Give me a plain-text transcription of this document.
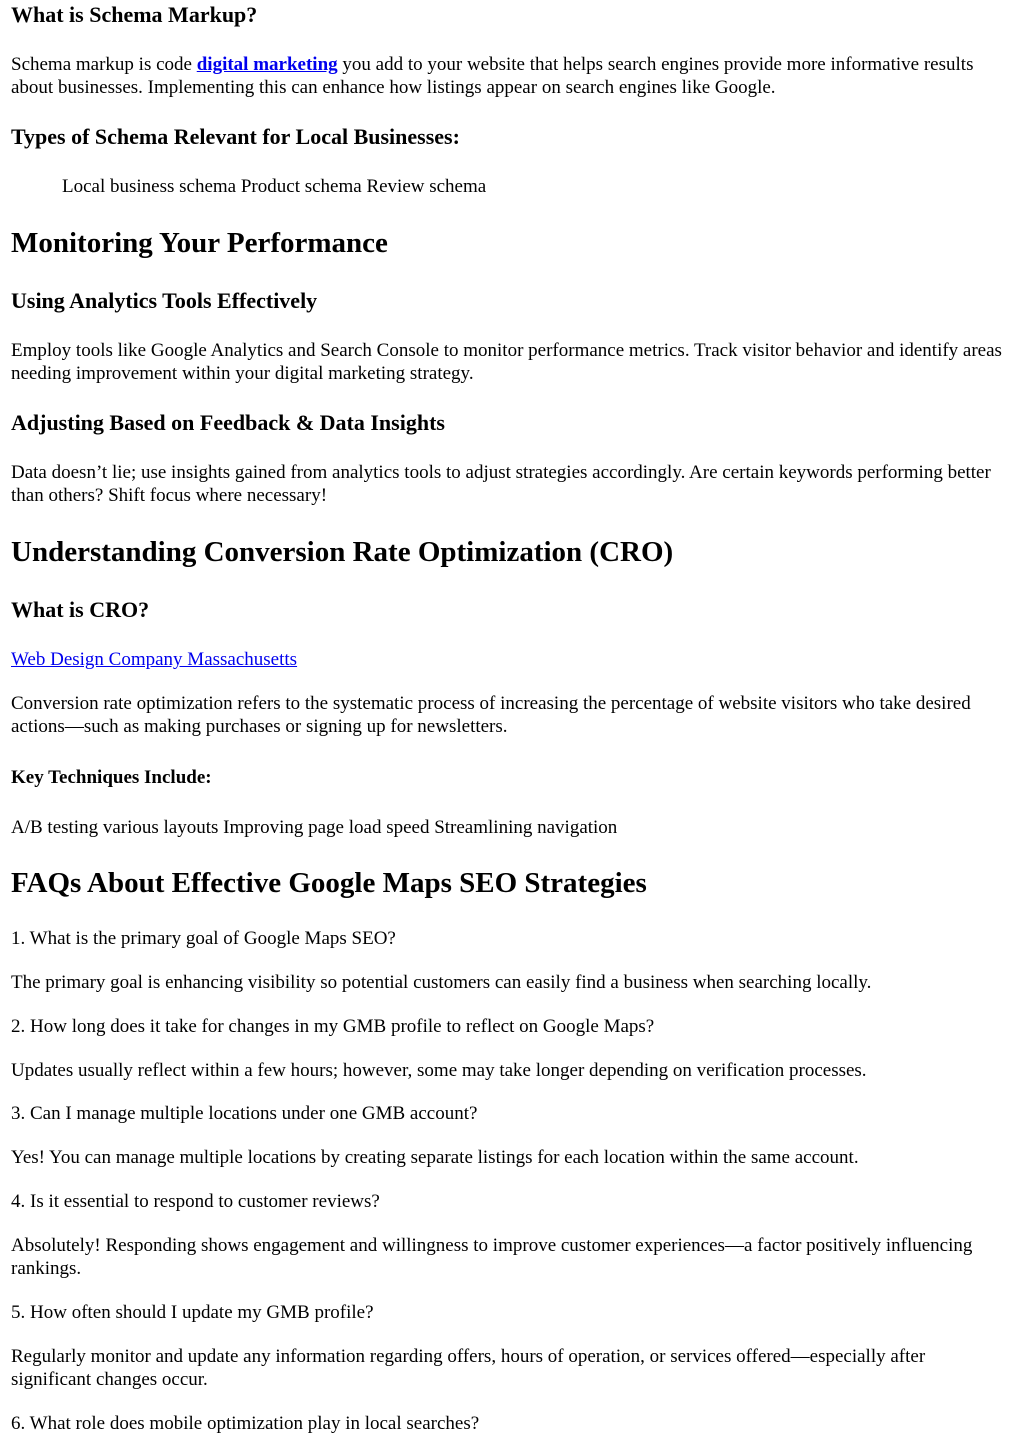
What is Schema Markup?

Schema markup is code digital marketing you add to your website that helps search engines provide more informative results about businesses. Implementing this can enhance how listings appear on search engines like Google.

Types of Schema Relevant for Local Businesses:

Local business schema Product schema Review schema

Monitoring Your Performance
Using Analytics Tools Effectively

Employ tools like Google Analytics and Search Console to monitor performance metrics. Track visitor behavior and identify areas needing improvement within your digital marketing strategy.

Adjusting Based on Feedback & Data Insights

Data doesn’t lie; use insights gained from analytics tools to adjust strategies accordingly. Are certain keywords performing better than others? Shift focus where necessary!

Understanding Conversion Rate Optimization (CRO)
What is CRO?

Web Design Company Massachusetts

Conversion rate optimization refers to the systematic process of increasing the percentage of website visitors who take desired actions—such as making purchases or signing up for newsletters.

Key Techniques Include:

A/B testing various layouts Improving page load speed Streamlining navigation

FAQs About Effective Google Maps SEO Strategies

1. What is the primary goal of Google Maps SEO?

The primary goal is enhancing visibility so potential customers can easily find a business when searching locally.

2. How long does it take for changes in my GMB profile to reflect on Google Maps?

Updates usually reflect within a few hours; however, some may take longer depending on verification processes.

3. Can I manage multiple locations under one GMB account?

Yes! You can manage multiple locations by creating separate listings for each location within the same account.

4. Is it essential to respond to customer reviews?

Absolutely! Responding shows engagement and willingness to improve customer experiences—a factor positively influencing rankings.

5. How often should I update my GMB profile?

Regularly monitor and update any information regarding offers, hours of operation, or services offered—especially after significant changes occur.

6. What role does mobile optimization play in local searches?
